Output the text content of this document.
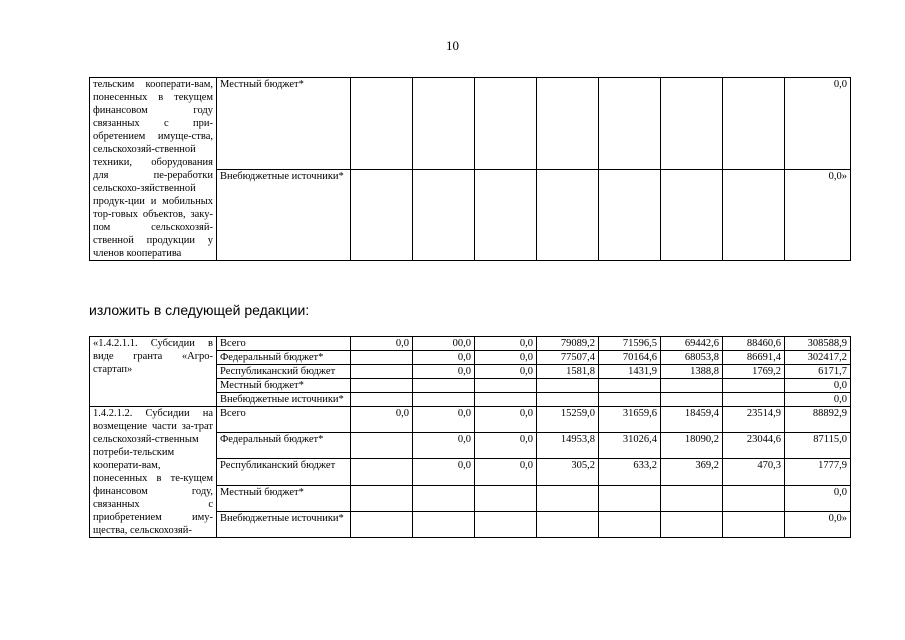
10
тельским кооперати-вам, понесенных в текущем финансовом году связанных с при-обретением имуще-ства, сельскохозяй-ственной техники, оборудования для пе-реработки сельскохо-зяйственной продук-ции и мобильных тор-говых объектов, заку-пом сельскохозяй-ственной продукции у членов кооператива	Местный бюджет*								0,0
	Внебюджетные источники*								0,0»
изложить в следующей редакции:
«1.4.2.1.1. Субсидии в виде гранта «Агро-стартап»	Всего	0,0	00,0	0,0	79089,2	71596,5	69442,6	88460,6	308588,9
	Федеральный бюджет*		0,0	0,0	77507,4	70164,6	68053,8	86691,4	302417,2
	Республиканский бюджет		0,0	0,0	1581,8	1431,9	1388,8	1769,2	6171,7
	Местный бюджет*								0,0
	Внебюджетные источники*								0,0
1.4.2.1.2. Субсидии на возмещение части за-трат сельскохозяй-ственным потреби-тельским кооперати-вам, понесенных в те-кущем финансовом году, связанных с приобретением иму-щества, сельскохозяй-	Всего	0,0	0,0	0,0	15259,0	31659,6	18459,4	23514,9	88892,9
	Федеральный бюджет*		0,0	0,0	14953,8	31026,4	18090,2	23044,6	87115,0
	Республиканский бюджет		0,0	0,0	305,2	633,2	369,2	470,3	1777,9
	Местный бюджет*								0,0
	Внебюджетные источники*								0,0»
